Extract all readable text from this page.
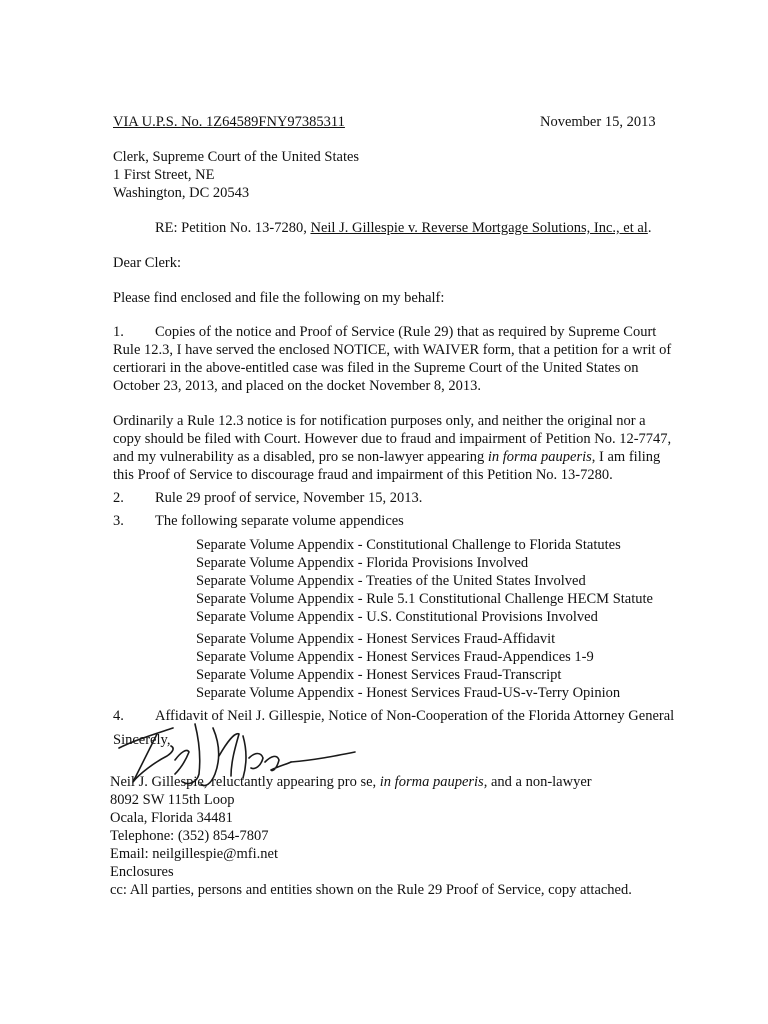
VIA U.P.S. No. 1Z64589FNY97385311	November 15, 2013
Clerk, Supreme Court of the United States
1 First Street, NE
Washington, DC 20543
RE: Petition No. 13-7280, Neil J. Gillespie v. Reverse Mortgage Solutions, Inc., et al.
Dear Clerk:
Please find enclosed and file the following on my behalf:
1. Copies of the notice and Proof of Service (Rule 29) that as required by Supreme Court
Rule 12.3, I have served the enclosed NOTICE, with WAIVER form, that a petition for a writ of
certiorari in the above-entitled case was filed in the Supreme Court of the United States on
October 23, 2013, and placed on the docket November 8, 2013.
Ordinarily a Rule 12.3 notice is for notification purposes only, and neither the original nor a
copy should be filed with Court. However due to fraud and impairment of Petition No. 12-7747,
and my vulnerability as a disabled, pro se non-lawyer appearing in forma pauperis, I am filing
this Proof of Service to discourage fraud and impairment of this Petition No. 13-7280.
2. Rule 29 proof of service, November 15, 2013.
3. The following separate volume appendices
Separate Volume Appendix - Constitutional Challenge to Florida Statutes
Separate Volume Appendix - Florida Provisions Involved
Separate Volume Appendix - Treaties of the United States Involved
Separate Volume Appendix - Rule 5.1 Constitutional Challenge HECM Statute
Separate Volume Appendix - U.S. Constitutional Provisions Involved
Separate Volume Appendix - Honest Services Fraud-Affidavit
Separate Volume Appendix - Honest Services Fraud-Appendices 1-9
Separate Volume Appendix - Honest Services Fraud-Transcript
Separate Volume Appendix - Honest Services Fraud-US-v-Terry Opinion
4. Affidavit of Neil J. Gillespie, Notice of Non-Cooperation of the Florida Attorney General
Sincerely,
Neil J. Gillespie, reluctantly appearing pro se, in forma pauperis, and a non-lawyer
8092 SW 115th Loop
Ocala, Florida 34481
Telephone: (352) 854-7807
Email: neilgillespie@mfi.net
Enclosures
cc: All parties, persons and entities shown on the Rule 29 Proof of Service, copy attached.
